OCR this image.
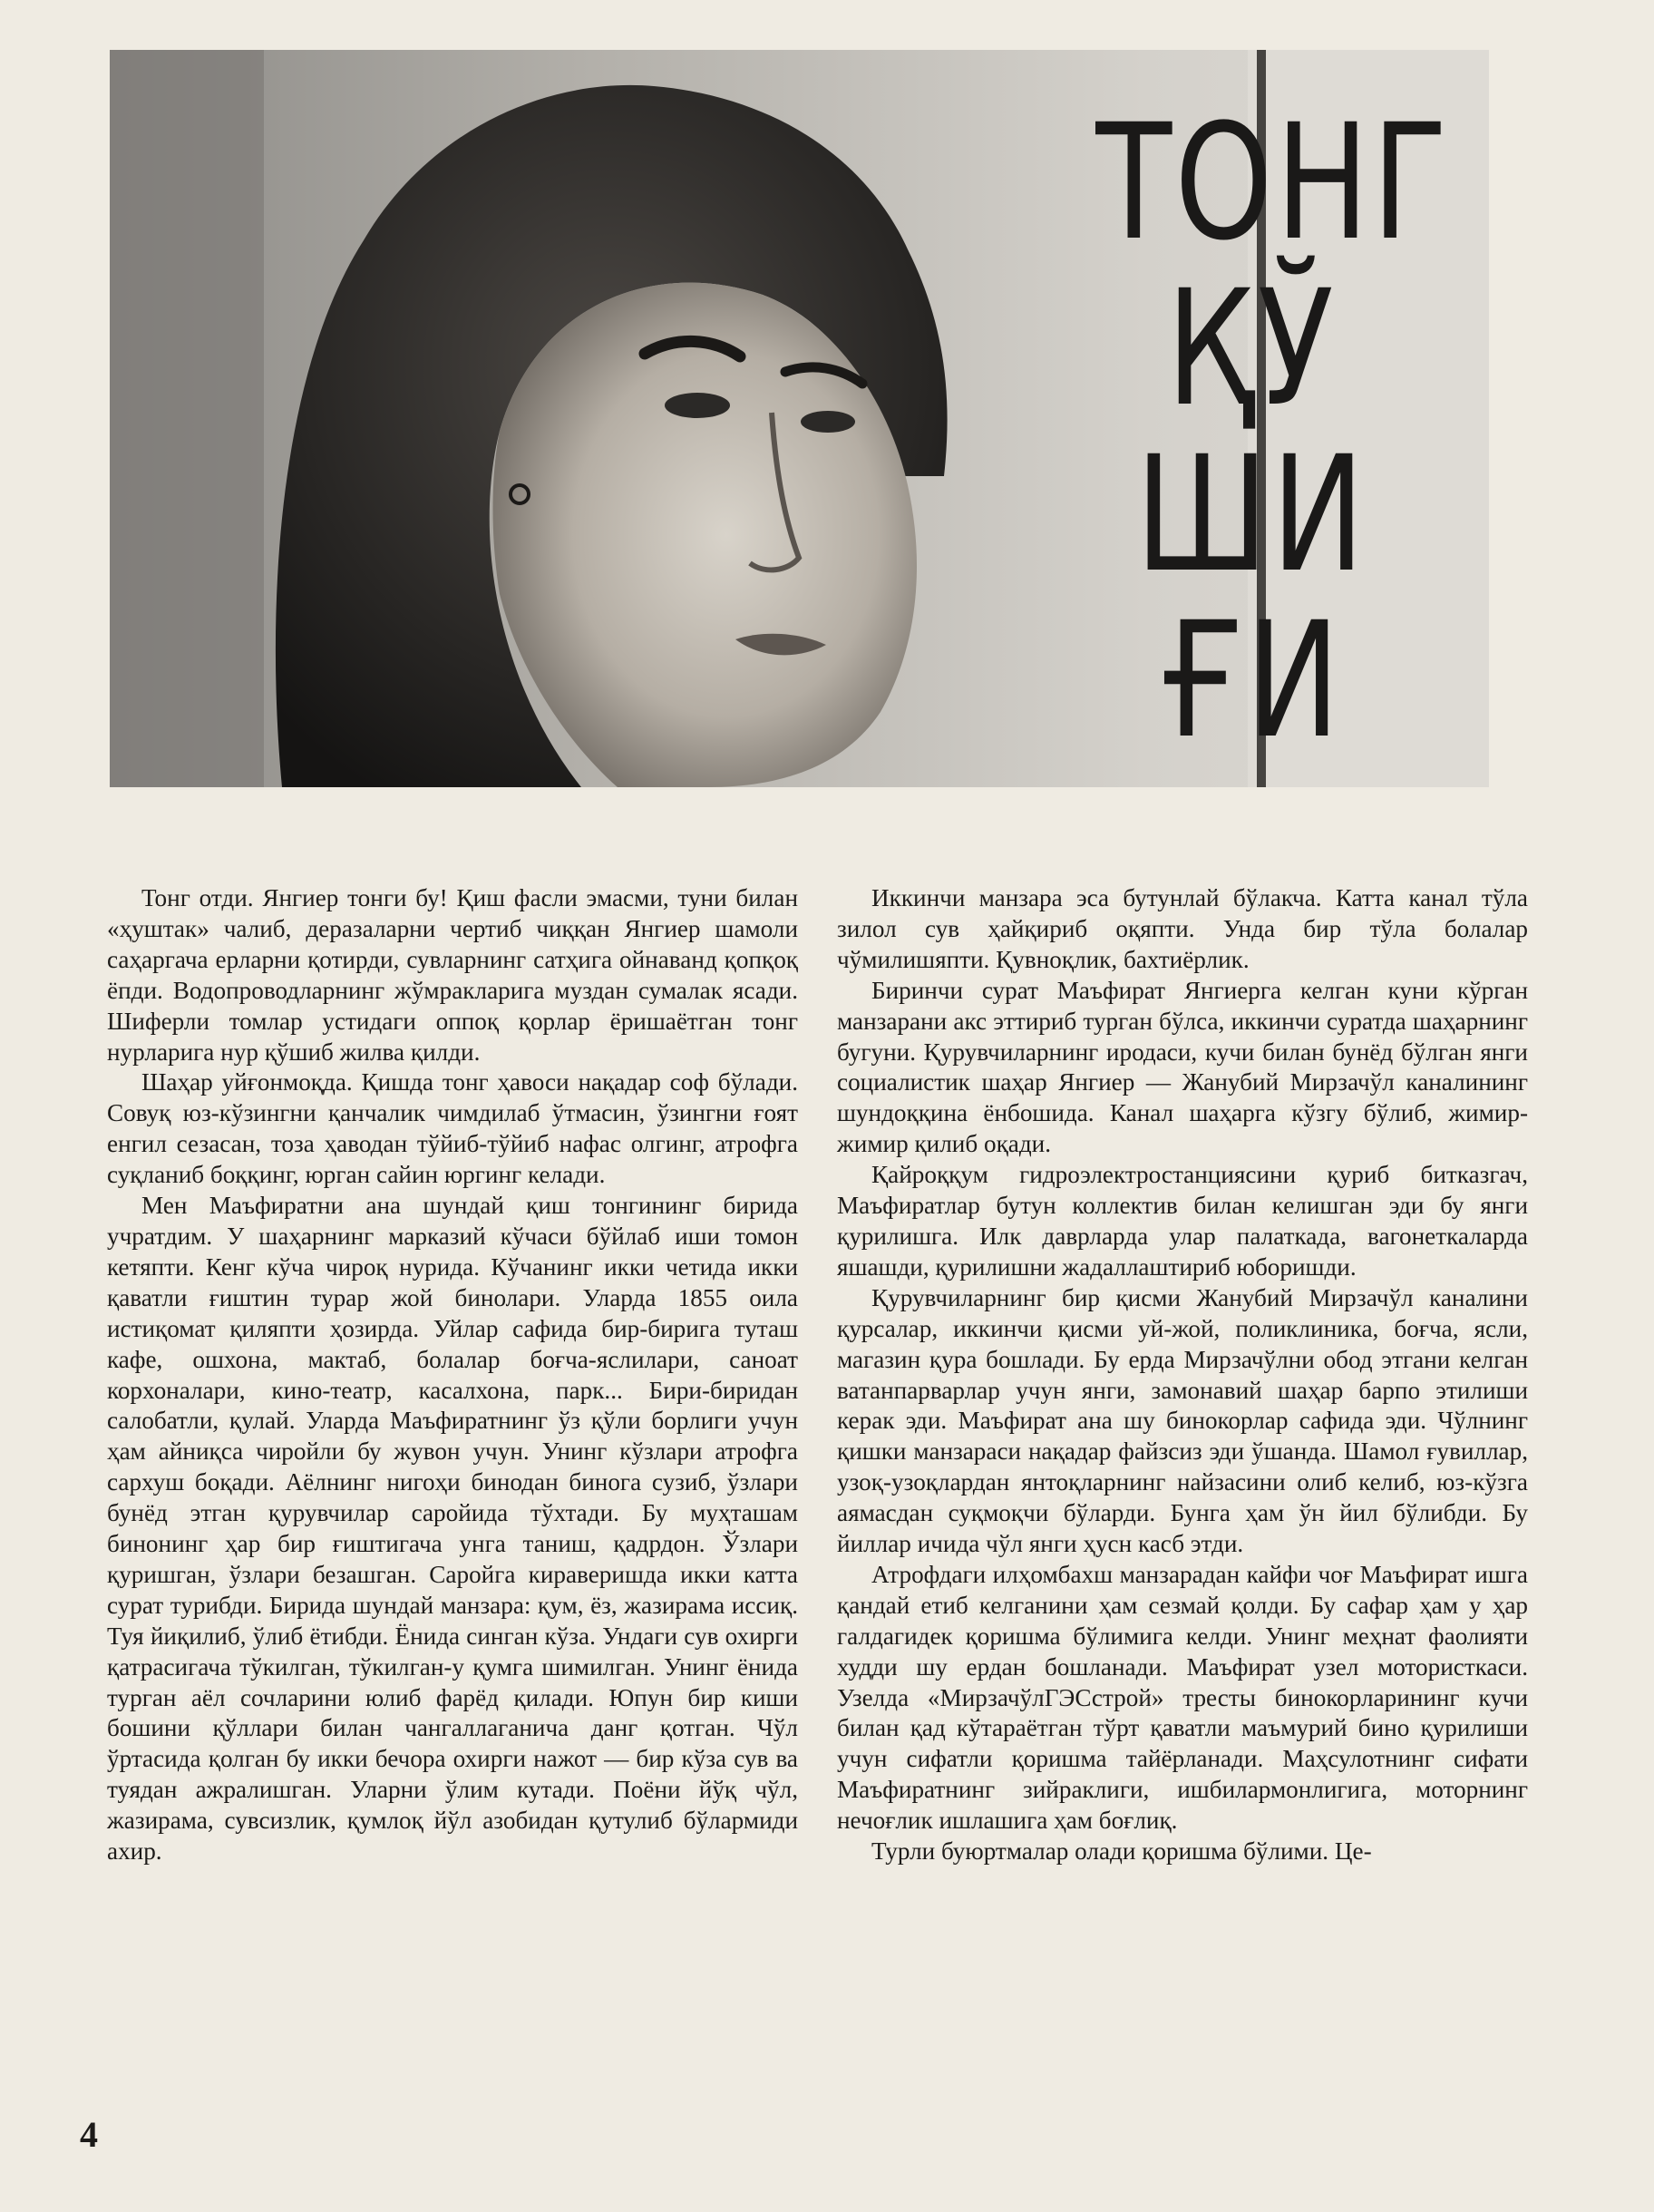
ТОНГ
ҚЎ
ШИ
ҒИ

Тонг отди. Янгиер тонги бу! Қиш фасли эмасми, туни билан «ҳуштак» чалиб, деразаларни чертиб чиққан Янгиер шамоли саҳаргача ерларни қотирди, сувларнинг сатҳига ойнаванд қопқоқ ёпди. Водопроводларнинг жўмракларига муздан сумалак ясади. Шиферли томлар устидаги оппоқ қорлар ёришаётган тонг нурларига нур қўшиб жилва қилди.

Шаҳар уйғонмоқда. Қишда тонг ҳавоси нақадар соф бўлади. Совуқ юз-кўзингни қанчалик чимдилаб ўтмасин, ўзингни ғоят енгил сезасан, тоза ҳаводан тўйиб-тўйиб нафас олгинг, атрофга суқланиб боққинг, юрган сайин юргинг келади.

Мен Маъфиратни ана шундай қиш тонгининг бирида учратдим. У шаҳарнинг марказий кўчаси бўйлаб иши томон кетяпти. Кенг кўча чироқ нурида. Кўчанинг икки четида икки қаватли ғиштин турар жой бинолари. Уларда 1855 оила истиқомат қиляпти ҳозирда. Уйлар сафида бир-бирига туташ кафе, ошхона, мактаб, болалар боғча-яслилари, саноат корхоналари, кино-театр, касалхона, парк... Бири-биридан салобатли, қулай. Уларда Маъфиратнинг ўз қўли борлиги учун ҳам айниқса чиройли бу жувон учун. Унинг кўзлари атрофга сархуш боқади. Аёлнинг нигоҳи бинодан бинога сузиб, ўзлари бунёд этган қурувчилар саройида тўхтади. Бу муҳташам бинонинг ҳар бир ғиштигача унга таниш, қадрдон. Ўзлари қуришган, ўзлари безашган. Саройга кираверишда икки катта сурат турибди. Бирида шундай манзара: қум, ёз, жазирама иссиқ. Туя йиқилиб, ўлиб ётибди. Ёнида синган кўза. Ундаги сув охирги қатрасигача тўкилган, тўкилган-у қумга шимилган. Унинг ёнида турган аёл сочларини юлиб фарёд қилади. Юпун бир киши бошини қўллари билан чангаллаганича данг қотган. Чўл ўртасида қолган бу икки бечора охирги нажот — бир кўза сув ва туядан ажралишган. Уларни ўлим кутади. Поёни йўқ чўл, жазирама, сувсизлик, қумлоқ йўл азобидан қутулиб бўлармиди ахир.

Иккинчи манзара эса бутунлай бўлакча. Катта канал тўла зилол сув ҳайқириб оқяпти. Унда бир тўла болалар чўмилишяпти. Қувноқлик, бахтиёрлик.

Биринчи сурат Маъфират Янгиерга келган куни кўрган манзарани акс эттириб турган бўлса, иккинчи суратда шаҳарнинг бугуни. Қурувчиларнинг иродаси, кучи билан бунёд бўлган янги социалистик шаҳар Янгиер — Жанубий Мирзачўл каналининг шундоққина ёнбошида. Канал шаҳарга кўзгу бўлиб, жимир-жимир қилиб оқади.

Қайроққум гидроэлектростанциясини қуриб битказгач, Маъфиратлар бутун коллектив билан келишган эди бу янги қурилишга. Илк даврларда улар палаткада, вагонеткаларда яшашди, қурилишни жадаллаштириб юборишди.

Қурувчиларнинг бир қисми Жанубий Мирзачўл каналини қурсалар, иккинчи қисми уй-жой, поликлиника, боғча, ясли, магазин қура бошлади. Бу ерда Мирзачўлни обод этгани келган ватанпарварлар учун янги, замонавий шаҳар барпо этилиши керак эди. Маъфират ана шу бинокорлар сафида эди. Чўлнинг қишки манзараси нақадар файзсиз эди ўшанда. Шамол ғувиллар, узоқ-узоқлардан янтоқларнинг найзасини олиб келиб, юз-кўзга аямасдан суқмоқчи бўларди. Бунга ҳам ўн йил бўлибди. Бу йиллар ичида чўл янги ҳусн касб этди.

Атрофдаги илҳомбахш манзарадан кайфи чоғ Маъфират ишга қандай етиб келганини ҳам сезмай қолди. Бу сафар ҳам у ҳар галдагидек қоришма бўлимига келди. Унинг меҳнат фаолияти худди шу ердан бошланади. Маъфират узел мотористкаси. Узелда «МирзачўлГЭСстрой» тресты бинокорларининг кучи билан қад кўтараётган тўрт қаватли маъмурий бино қурилиши учун сифатли қоришма тайёрланади. Маҳсулотнинг сифати Маъфиратнинг зийраклиги, ишбилармонлигига, моторнинг нечоғлик ишлашига ҳам боғлиқ.

Турли буюртмалар олади қоришма бўлими. Це-

4
